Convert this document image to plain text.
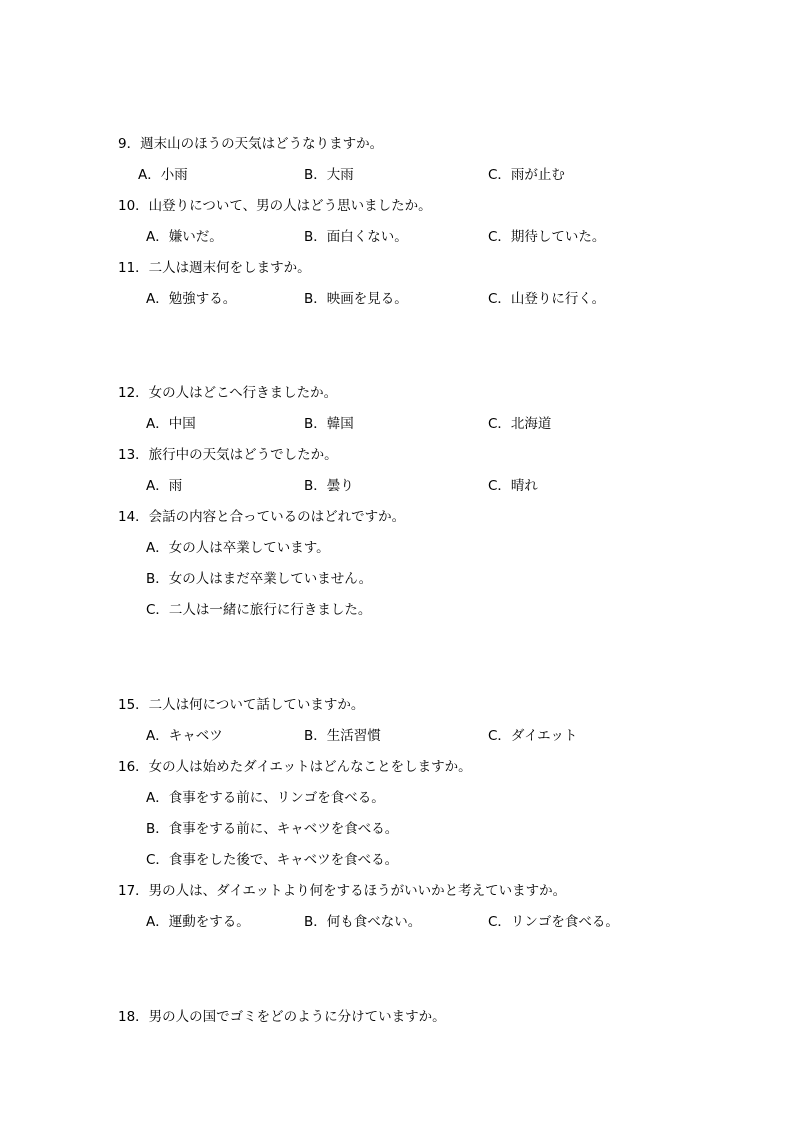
9．週末山のほうの天気はどうなりますか。
A．小雨	B．大雨	C．雨が止む
10．山登りについて、男の人はどう思いましたか。
A．嫌いだ。	B．面白くない。	C．期待していた。
11．二人は週末何をしますか。
A．勉強する。	B．映画を見る。	C．山登りに行く。
12．女の人はどこへ行きましたか。
A．中国	B．韓国	C．北海道
13．旅行中の天気はどうでしたか。
A．雨	B．曇り	C．晴れ
14．会話の内容と合っているのはどれですか。
A．女の人は卒業しています。
B．女の人はまだ卒業していません。
C．二人は一緒に旅行に行きました。
15．二人は何について話していますか。
A．キャベツ	B．生活習慣	C．ダイエット
16．女の人は始めたダイエットはどんなことをしますか。
A．食事をする前に、リンゴを食べる。
B．食事をする前に、キャベツを食べる。
C．食事をした後で、キャベツを食べる。
17．男の人は、ダイエットより何をするほうがいいかと考えていますか。
A．運動をする。	B．何も食べない。	C．リンゴを食べる。
18．男の人の国でゴミをどのように分けていますか。
